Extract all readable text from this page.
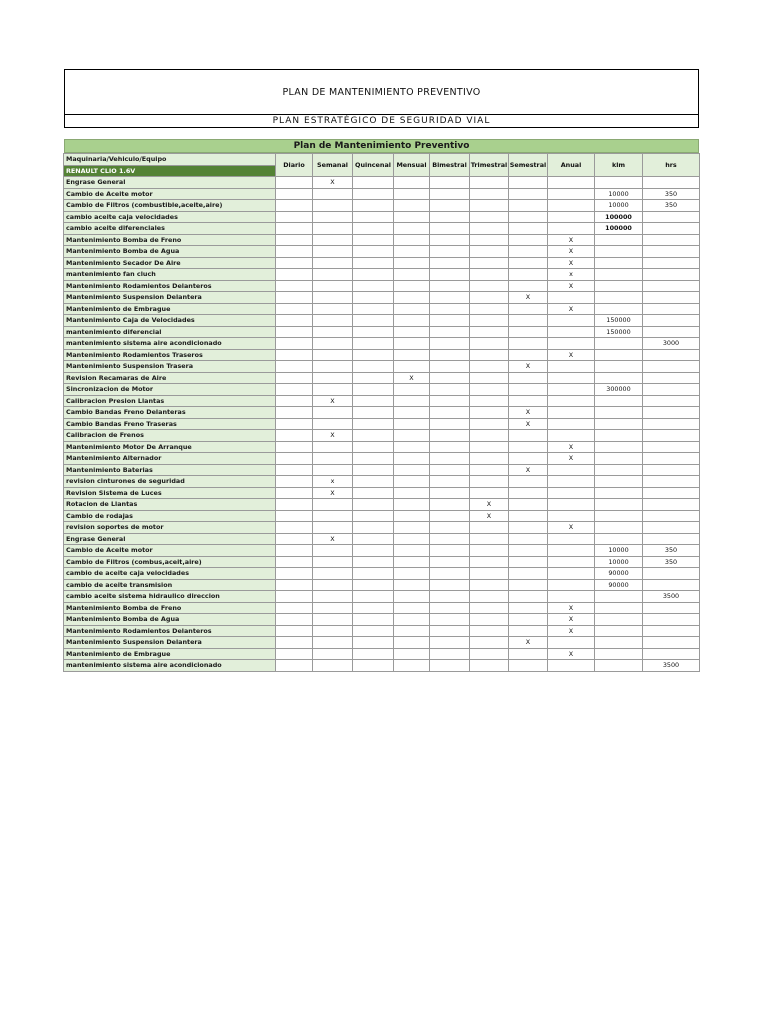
PLAN DE MANTENIMIENTO PREVENTIVO
PLAN ESTRATÉGICO DE SEGURIDAD VIAL
Plan de Mantenimiento Preventivo
Maquinaria/Vehiculo/Equipo	Diario	Semanal	Quincenal	Mensual	Bimestral	Trimestral	Semestral	Anual	klm	hrs
RENAULT CLIO 1.6V										
Engrase General		X								
Cambio de Aceite motor									10000	350
Cambio de Filtros (combustible,aceite,aire)									10000	350
cambio aceite caja velocidades									100000	
cambio aceite diferenciales									100000	
Mantenimiento Bomba de Freno								X		
Mantenimiento Bomba de Agua								X		
Mantenimiento Secador De Aire								X		
mantenimiento fan cluch								x		
Mantenimiento Rodamientos Delanteros								X		
Mantenimiento Suspension Delantera							X			
Mantenimiento de Embrague								X		
Mantenimiento Caja de Velocidades									150000	
mantenimiento diferencial									150000	
mantenimiento sistema aire acondicionado										3000
Mantenimiento Rodamientos Traseros								X		
Mantenimiento Suspension Trasera							X			
Revision Recamaras de Aire				X						
Sincronizacion de Motor									300000	
Calibracion Presion Llantas		X								
Cambio Bandas Freno Delanteras							X			
Cambio Bandas Freno Traseras							X			
Calibracion de Frenos		X								
Mantenimiento Motor De Arranque								X		
Mantenimiento Alternador								X		
Mantenimiento Baterias							X			
revision cinturones de seguridad		x								
Revision Sistema de Luces		X								
Rotacion de Llantas						X				
Cambio de rodajas						X				
revision soportes de motor								X		
Engrase General		X								
Cambio de Aceite motor									10000	350
Cambio de Filtros (combus,aceit,aire)									10000	350
cambio de aceite caja velocidades									90000	
cambio de aceite transmision									90000	
cambio aceite sistema hidraulico direccion										3500
Mantenimiento Bomba de Freno								X		
Mantenimiento Bomba de Agua								X		
Mantenimiento Rodamientos Delanteros								X		
Mantenimiento Suspension Delantera							X			
Mantenimiento de Embrague								X		
mantenimiento sistema aire acondicionado										3500
